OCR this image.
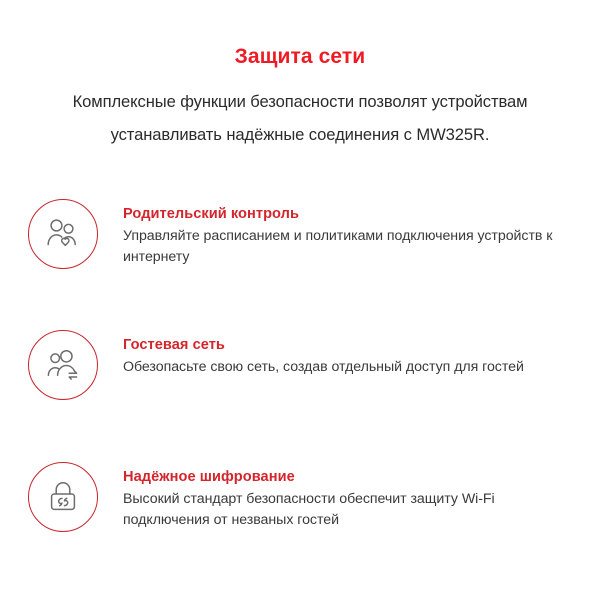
Защита сети

Комплексные функции безопасности позволят устройствам устанавливать надёжные соединения с MW325R.

Родительский контроль
Управляйте расписанием и политиками подключения устройств к интернету
Гостевая сеть
Обезопасьте свою сеть, создав отдельный доступ для гостей
Надёжное шифрование
Высокий стандарт безопасности обеспечит защиту Wi-Fi подключения от незваных гостей
